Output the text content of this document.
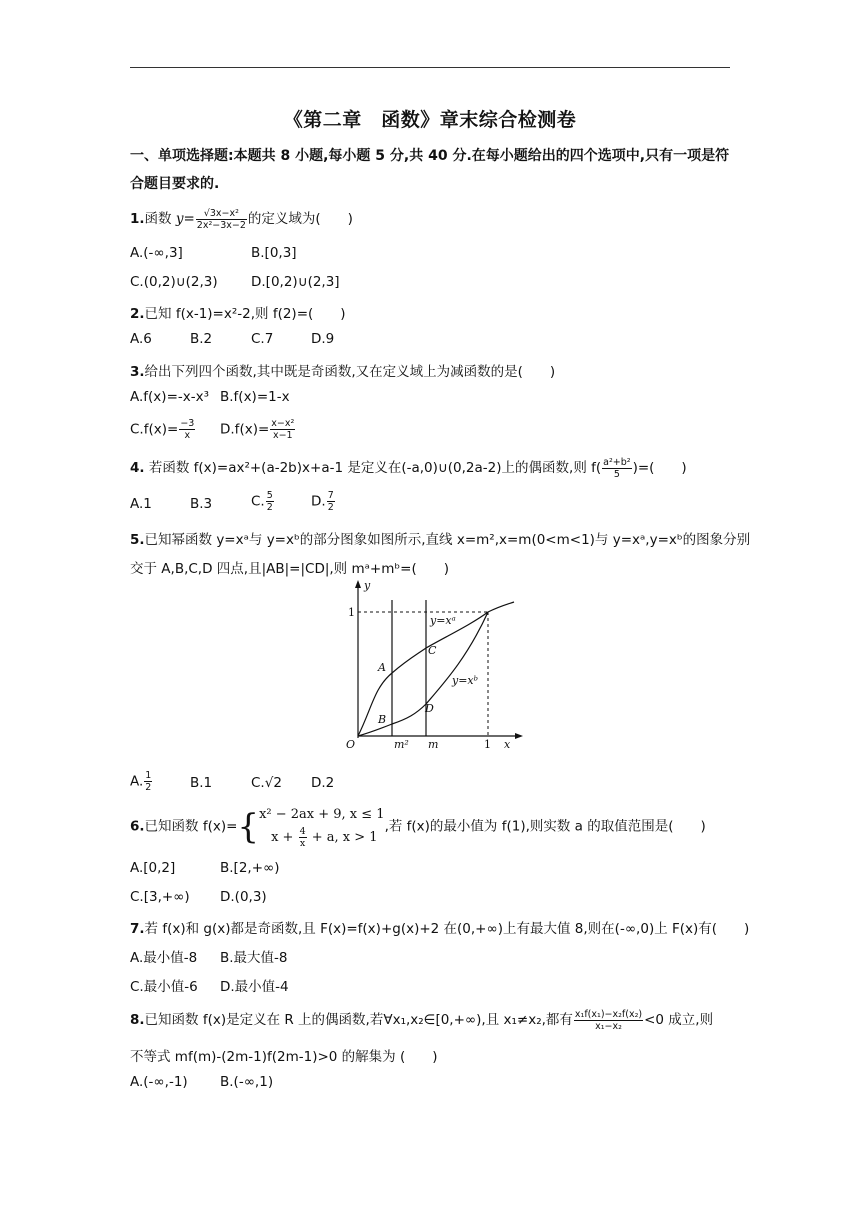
《第二章　函数》章末综合检测卷
一、单项选择题:本题共 8 小题,每小题 5 分,共 40 分.在每小题给出的四个选项中,只有一项是符合题目要求的.
1.函数 $y= \frac{\text{√3x−x²}}{\text{2x²−3x−2}}$ 的定义域为(　　)
A.(-∞,3]	B.[0,3]
C.(0,2)∪(2,3) D.[0,2)∪(2,3]
2.已知 f(x-1)=x²-2,则 f(2)=(　　)
A.6	B.2	C.7	D.9
3.给出下列四个函数,其中既是奇函数,又在定义域上为减函数的是(　　)
A.f(x)=-x-x³ B.f(x)=1-x
$C.f(x)= \frac{-3}{x} D.f(x)= \frac{\text{x−x²}}{x-1}$
4. 若函数 f(x)=ax²+(a-2b)x+a-1 是定义在(-a,0)∪(0,2a-2)上的偶函数,则 $f( \frac{\text{a²+b²}}{5}$ )=(　　)
A.1	B.3	C. $\frac{5}{2}$	D. $\frac{7}{2}$
5.已知幂函数 y=xᵃ与 y=xᵇ的部分图象如图所示,直线 x=m²,x=m(0<m<1)与 y=xᵃ,y=xᵇ的图象分别
交于 A,B,C,D 四点,且|AB|=|CD|,则 mᵃ+mᵇ=(　　)
y
x
O
1
1
m² m
y=xᵃ
y=xᵇ
A
B
C
D
A. $\frac{1}{2}$	B.1	C.√2 D.2
6.已知函数 f(x)={ x² − 2ax + 9, x ≤ 1
$x + \frac{4}{x} + a$, x > 1
,若 f(x)的最小值为 f(1),则实数 a 的取值范围是(　　)
A.[0,2]	B.[2,+∞)
C.[3,+∞) D.(0,3)
7.若 f(x)和 g(x)都是奇函数,且 F(x)=f(x)+g(x)+2 在(0,+∞)上有最大值 8,则在(-∞,0)上 F(x)有(　　)
A.最小值-8 B.最大值-8
C.最小值-6 D.最小值-4
8.已知函数 f(x)是定义在 R 上的偶函数,若∀x₁,x₂∈[0,+∞),且 x₁≠x₂,都有 $\frac{\text{x₁f(x₁)−x₂f(x₂)}}{\text{x₁−x₂}} <0$ 成立,则
不等式 mf(m)-(2m-1)f(2m-1)>0 的解集为 (　　)
A.(-∞,-1) B.(-∞,1)
